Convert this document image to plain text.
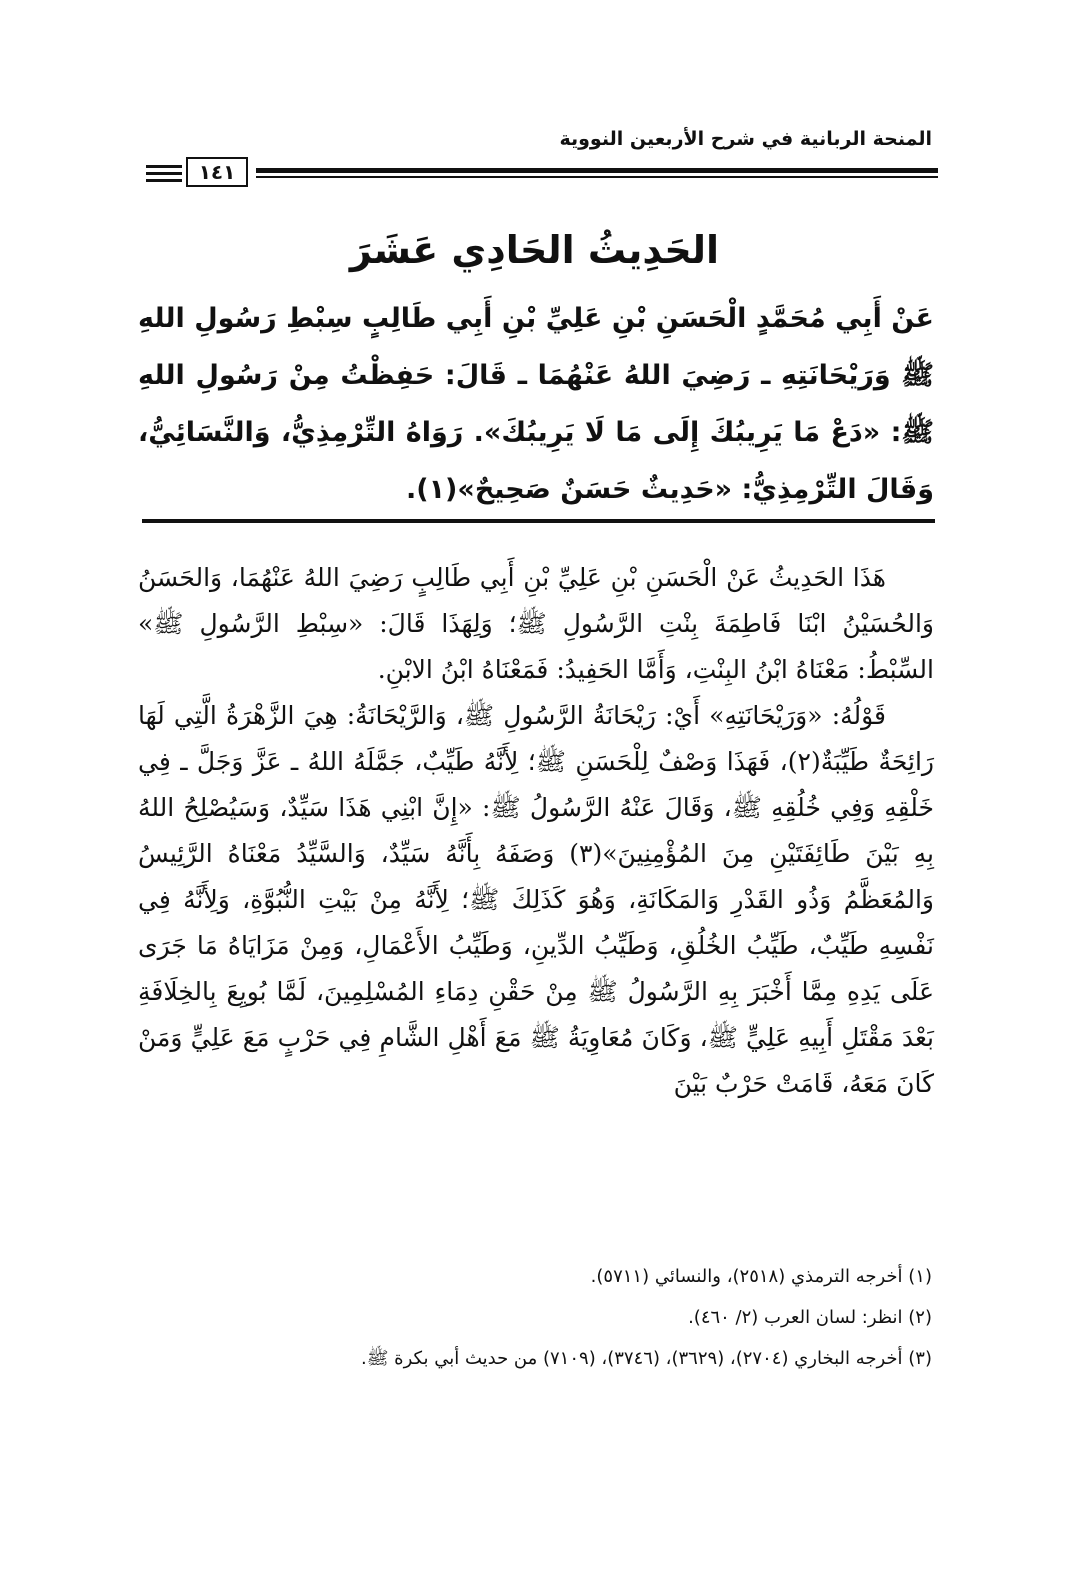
المنحة الربانية في شرح الأربعين النووية
١٤١
الحَدِيثُ الحَادِي عَشَرَ

عَنْ أَبِي مُحَمَّدٍ الْحَسَنِ بْنِ عَلِيِّ بْنِ أَبِي طَالِبٍ سِبْطِ رَسُولِ اللهِ ﷺ وَرَيْحَانَتِهِ ـ رَضِيَ اللهُ عَنْهُمَا ـ قَالَ: حَفِظْتُ مِنْ رَسُولِ اللهِ ﷺ: «دَعْ مَا يَرِيبُكَ إِلَى مَا لَا يَرِيبُكَ». رَوَاهُ التِّرْمِذِيُّ، وَالنَّسَائِيُّ، وَقَالَ التِّرْمِذِيُّ: «حَدِيثٌ حَسَنٌ صَحِيحٌ»(١).

هَذَا الحَدِيثُ عَنْ الْحَسَنِ بْنِ عَلِيِّ بْنِ أَبِي طَالِبٍ رَضِيَ اللهُ عَنْهُمَا، وَالحَسَنُ وَالحُسَيْنُ ابْنَا فَاطِمَةَ بِنْتِ الرَّسُولِ ﷺ؛ وَلِهَذَا قَالَ: «سِبْطِ الرَّسُولِ ﷺ» السِّبْطُ: مَعْنَاهُ ابْنُ البِنْتِ، وَأَمَّا الحَفِيدُ: فَمَعْنَاهُ ابْنُ الابْنِ.

قَوْلُهُ: «وَرَيْحَانَتِهِ» أَيْ: رَيْحَانَةُ الرَّسُولِ ﷺ، وَالرَّيْحَانَةُ: هِيَ الزَّهْرَةُ الَّتِي لَهَا رَائِحَةٌ طَيِّبَةٌ(٢)، فَهَذَا وَصْفٌ لِلْحَسَنِ ﷺ؛ لِأَنَّهُ طَيِّبٌ، جَمَّلَهُ اللهُ ـ عَزَّ وَجَلَّ ـ فِي خَلْقِهِ وَفِي خُلُقِهِ ﷺ، وَقَالَ عَنْهُ الرَّسُولُ ﷺ: «إِنَّ ابْنِي هَذَا سَيِّدٌ، وَسَيُصْلِحُ اللهُ بِهِ بَيْنَ طَائِفَتَيْنِ مِنَ المُؤْمِنِينَ»(٣) وَصَفَهُ بِأَنَّهُ سَيِّدٌ، وَالسَّيِّدُ مَعْنَاهُ الرَّئِيسُ وَالمُعَظَّمُ وَذُو القَدْرِ وَالمَكَانَةِ، وَهُوَ كَذَلِكَ ﷺ؛ لِأَنَّهُ مِنْ بَيْتِ النُّبُوَّةِ، وَلِأَنَّهُ فِي نَفْسِهِ طَيِّبٌ، طَيِّبُ الخُلُقِ، وَطَيِّبُ الدِّينِ، وَطَيِّبُ الأَعْمَالِ، وَمِنْ مَزَايَاهُ مَا جَرَى عَلَى يَدِهِ مِمَّا أَخْبَرَ بِهِ الرَّسُولُ ﷺ مِنْ حَقْنِ دِمَاءِ المُسْلِمِينَ، لَمَّا بُويِعَ بِالخِلَافَةِ بَعْدَ مَقْتَلِ أَبِيهِ عَلِيٍّ ﷺ، وَكَانَ مُعَاوِيَةُ ﷺ مَعَ أَهْلِ الشَّامِ فِي حَرْبٍ مَعَ عَلِيٍّ وَمَنْ كَانَ مَعَهُ، قَامَتْ حَرْبٌ بَيْنَ

(١) أخرجه الترمذي (٢٥١٨)، والنسائي (٥٧١١).
(٢) انظر: لسان العرب (٢/ ٤٦٠).
(٣) أخرجه البخاري (٢٧٠٤)، (٣٦٢٩)، (٣٧٤٦)، (٧١٠٩) من حديث أبي بكرة ﷺ.
